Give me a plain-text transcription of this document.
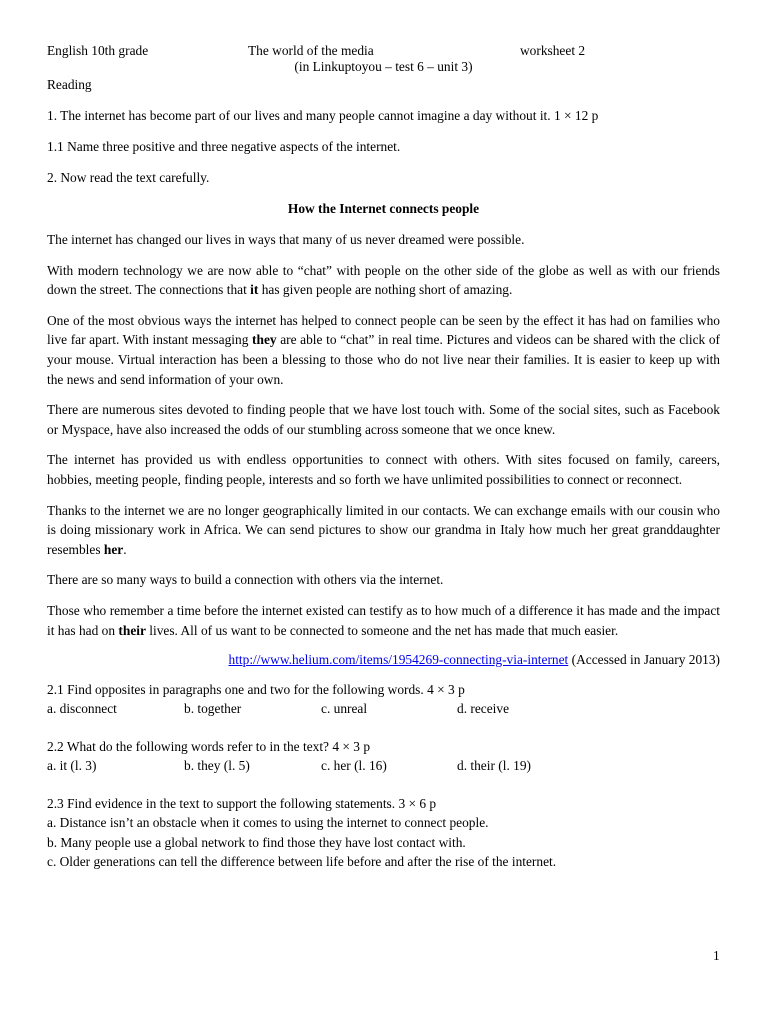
English 10th grade	The world of the media	worksheet 2
(in Linkuptoyou – test 6 – unit 3)
Reading
1. The internet has become part of our lives and many people cannot imagine a day without it. 1 × 12 p
1.1 Name three positive and three negative aspects of the internet.
2. Now read the text carefully.
How the Internet connects people

The internet has changed our lives in ways that many of us never dreamed were possible.

With modern technology we are now able to “chat” with people on the other side of the globe as well as with our friends down the street. The connections that it has given people are nothing short of amazing.

One of the most obvious ways the internet has helped to connect people can be seen by the effect it has had on families who live far apart. With instant messaging they are able to “chat” in real time. Pictures and videos can be shared with the click of your mouse. Virtual interaction has been a blessing to those who do not live near their families. It is easier to keep up with the news and send information of your own.

There are numerous sites devoted to finding people that we have lost touch with. Some of the social sites, such as Facebook or Myspace, have also increased the odds of our stumbling across someone that we once knew.

The internet has provided us with endless opportunities to connect with others. With sites focused on family, careers, hobbies, meeting people, finding people, interests and so forth we have unlimited possibilities to connect or reconnect.

Thanks to the internet we are no longer geographically limited in our contacts. We can exchange emails with our cousin who is doing missionary work in Africa. We can send pictures to show our grandma in Italy how much her great granddaughter resembles her.

There are so many ways to build a connection with others via the internet.

Those who remember a time before the internet existed can testify as to how much of a difference it has made and the impact it has had on their lives. All of us want to be connected to someone and the net has made that much easier.

http://www.helium.com/items/1954269-connecting-via-internet (Accessed in January 2013)
2.1 Find opposites in paragraphs one and two for the following words. 4 × 3 p
a. disconnect	b. together	c. unreal	d. receive
2.2 What do the following words refer to in the text? 4 × 3 p
a. it (l. 3)	b. they (l. 5)	c. her (l. 16)	d. their (l. 19)
2.3 Find evidence in the text to support the following statements. 3 × 6 p
a. Distance isn’t an obstacle when it comes to using the internet to connect people.
b. Many people use a global network to find those they have lost contact with.
c. Older generations can tell the difference between life before and after the rise of the internet.
1
